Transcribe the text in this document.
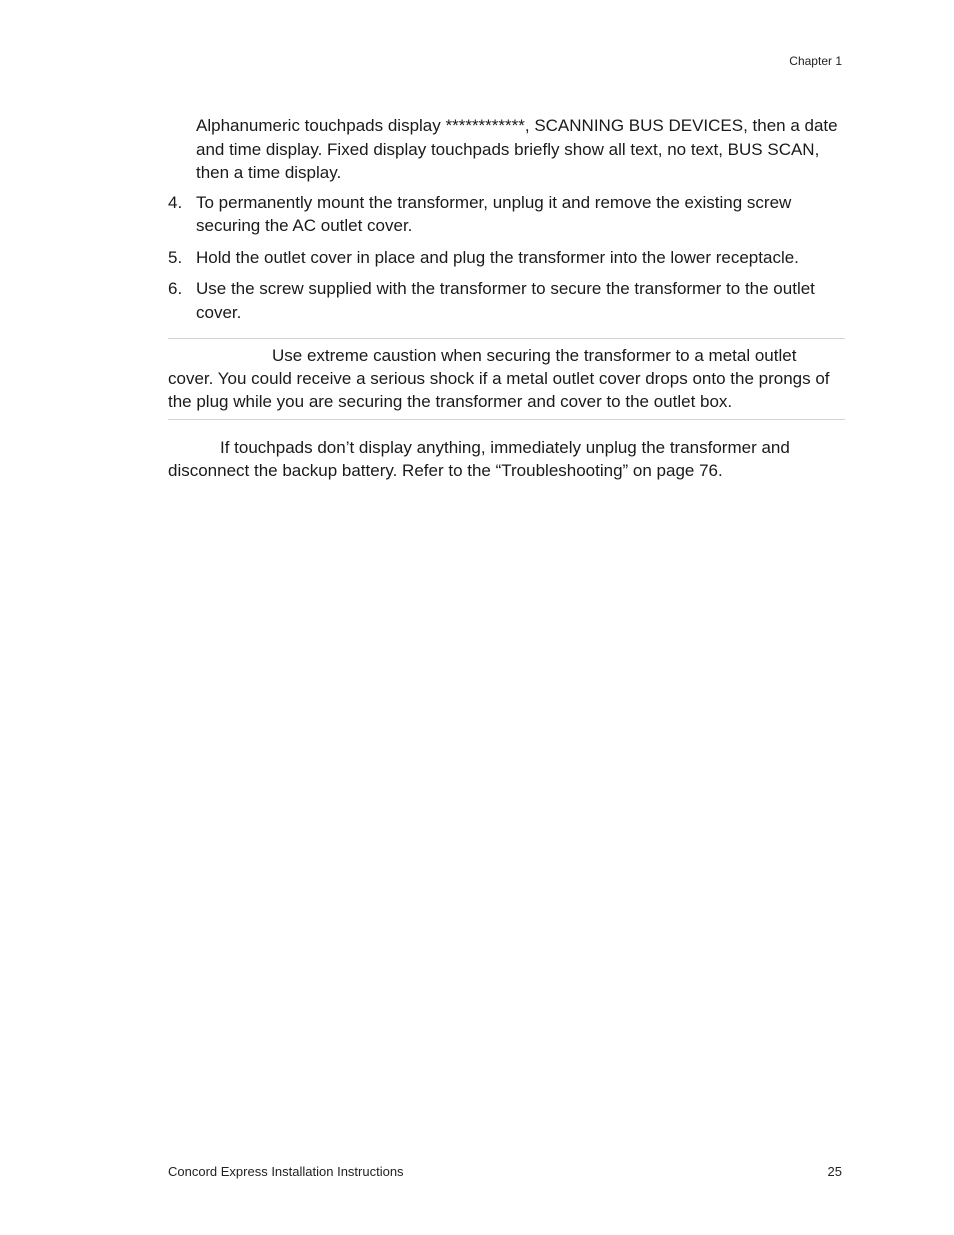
Chapter 1

Alphanumeric touchpads display ************, SCANNING BUS DEVICES, then a date and time display. Fixed display touchpads briefly show all text, no text, BUS SCAN, then a time display.

4. To permanently mount the transformer, unplug it and remove the existing screw securing the AC outlet cover.
5. Hold the outlet cover in place and plug the transformer into the lower receptacle.
6. Use the screw supplied with the transformer to secure the transformer to the outlet cover.
Use extreme caustion when securing the transformer to a metal outlet cover. You could receive a serious shock if a metal outlet cover drops onto the prongs of the plug while you are securing the transformer and cover to the outlet box.
If touchpads don’t display anything, immediately unplug the transformer and disconnect the backup battery. Refer to the “Troubleshooting” on page 76.
Concord Express Installation Instructions	25
